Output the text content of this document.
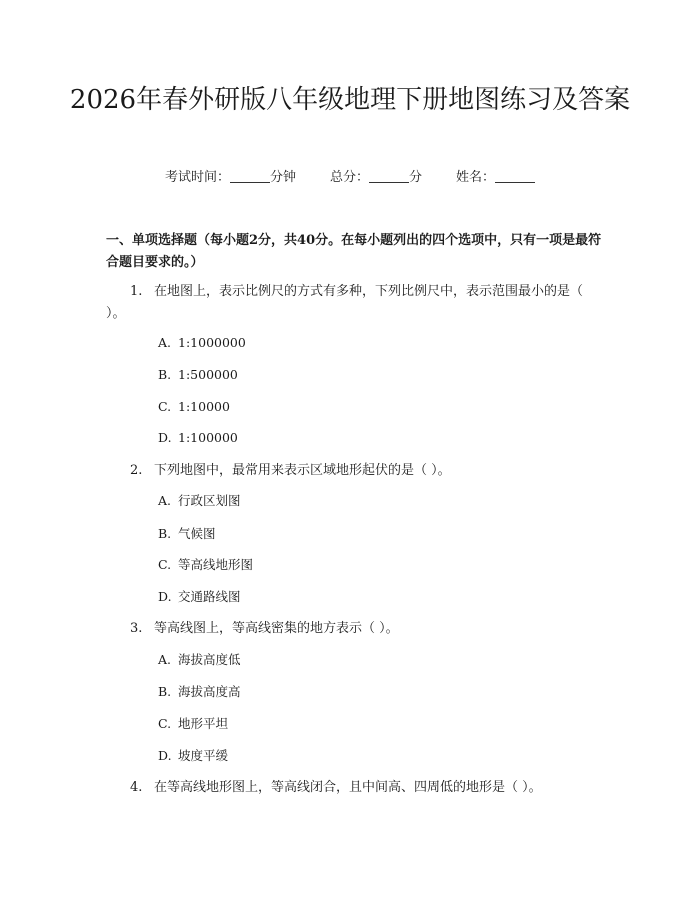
2026年春外研版八年级地理下册地图练习及答案
考试时间：	分钟	总分：	分	姓名：

一、单项选择题（每小题2分，共40分。在每小题列出的四个选项中，只有一项是最符合题目要求的。）

1. 在地图上，表示比例尺的方式有多种，下列比例尺中，表示范围最小的是（ ）。
A. 1:1000000
B. 1:500000
C. 1:10000
D. 1:100000
2. 下列地图中，最常用来表示区域地形起伏的是（ ）。
A. 行政区划图
B. 气候图
C. 等高线地形图
D. 交通路线图
3. 等高线图上，等高线密集的地方表示（ ）。
A. 海拔高度低
B. 海拔高度高
C. 地形平坦
D. 坡度平缓
4. 在等高线地形图上，等高线闭合，且中间高、四周低的地形是（ ）。
